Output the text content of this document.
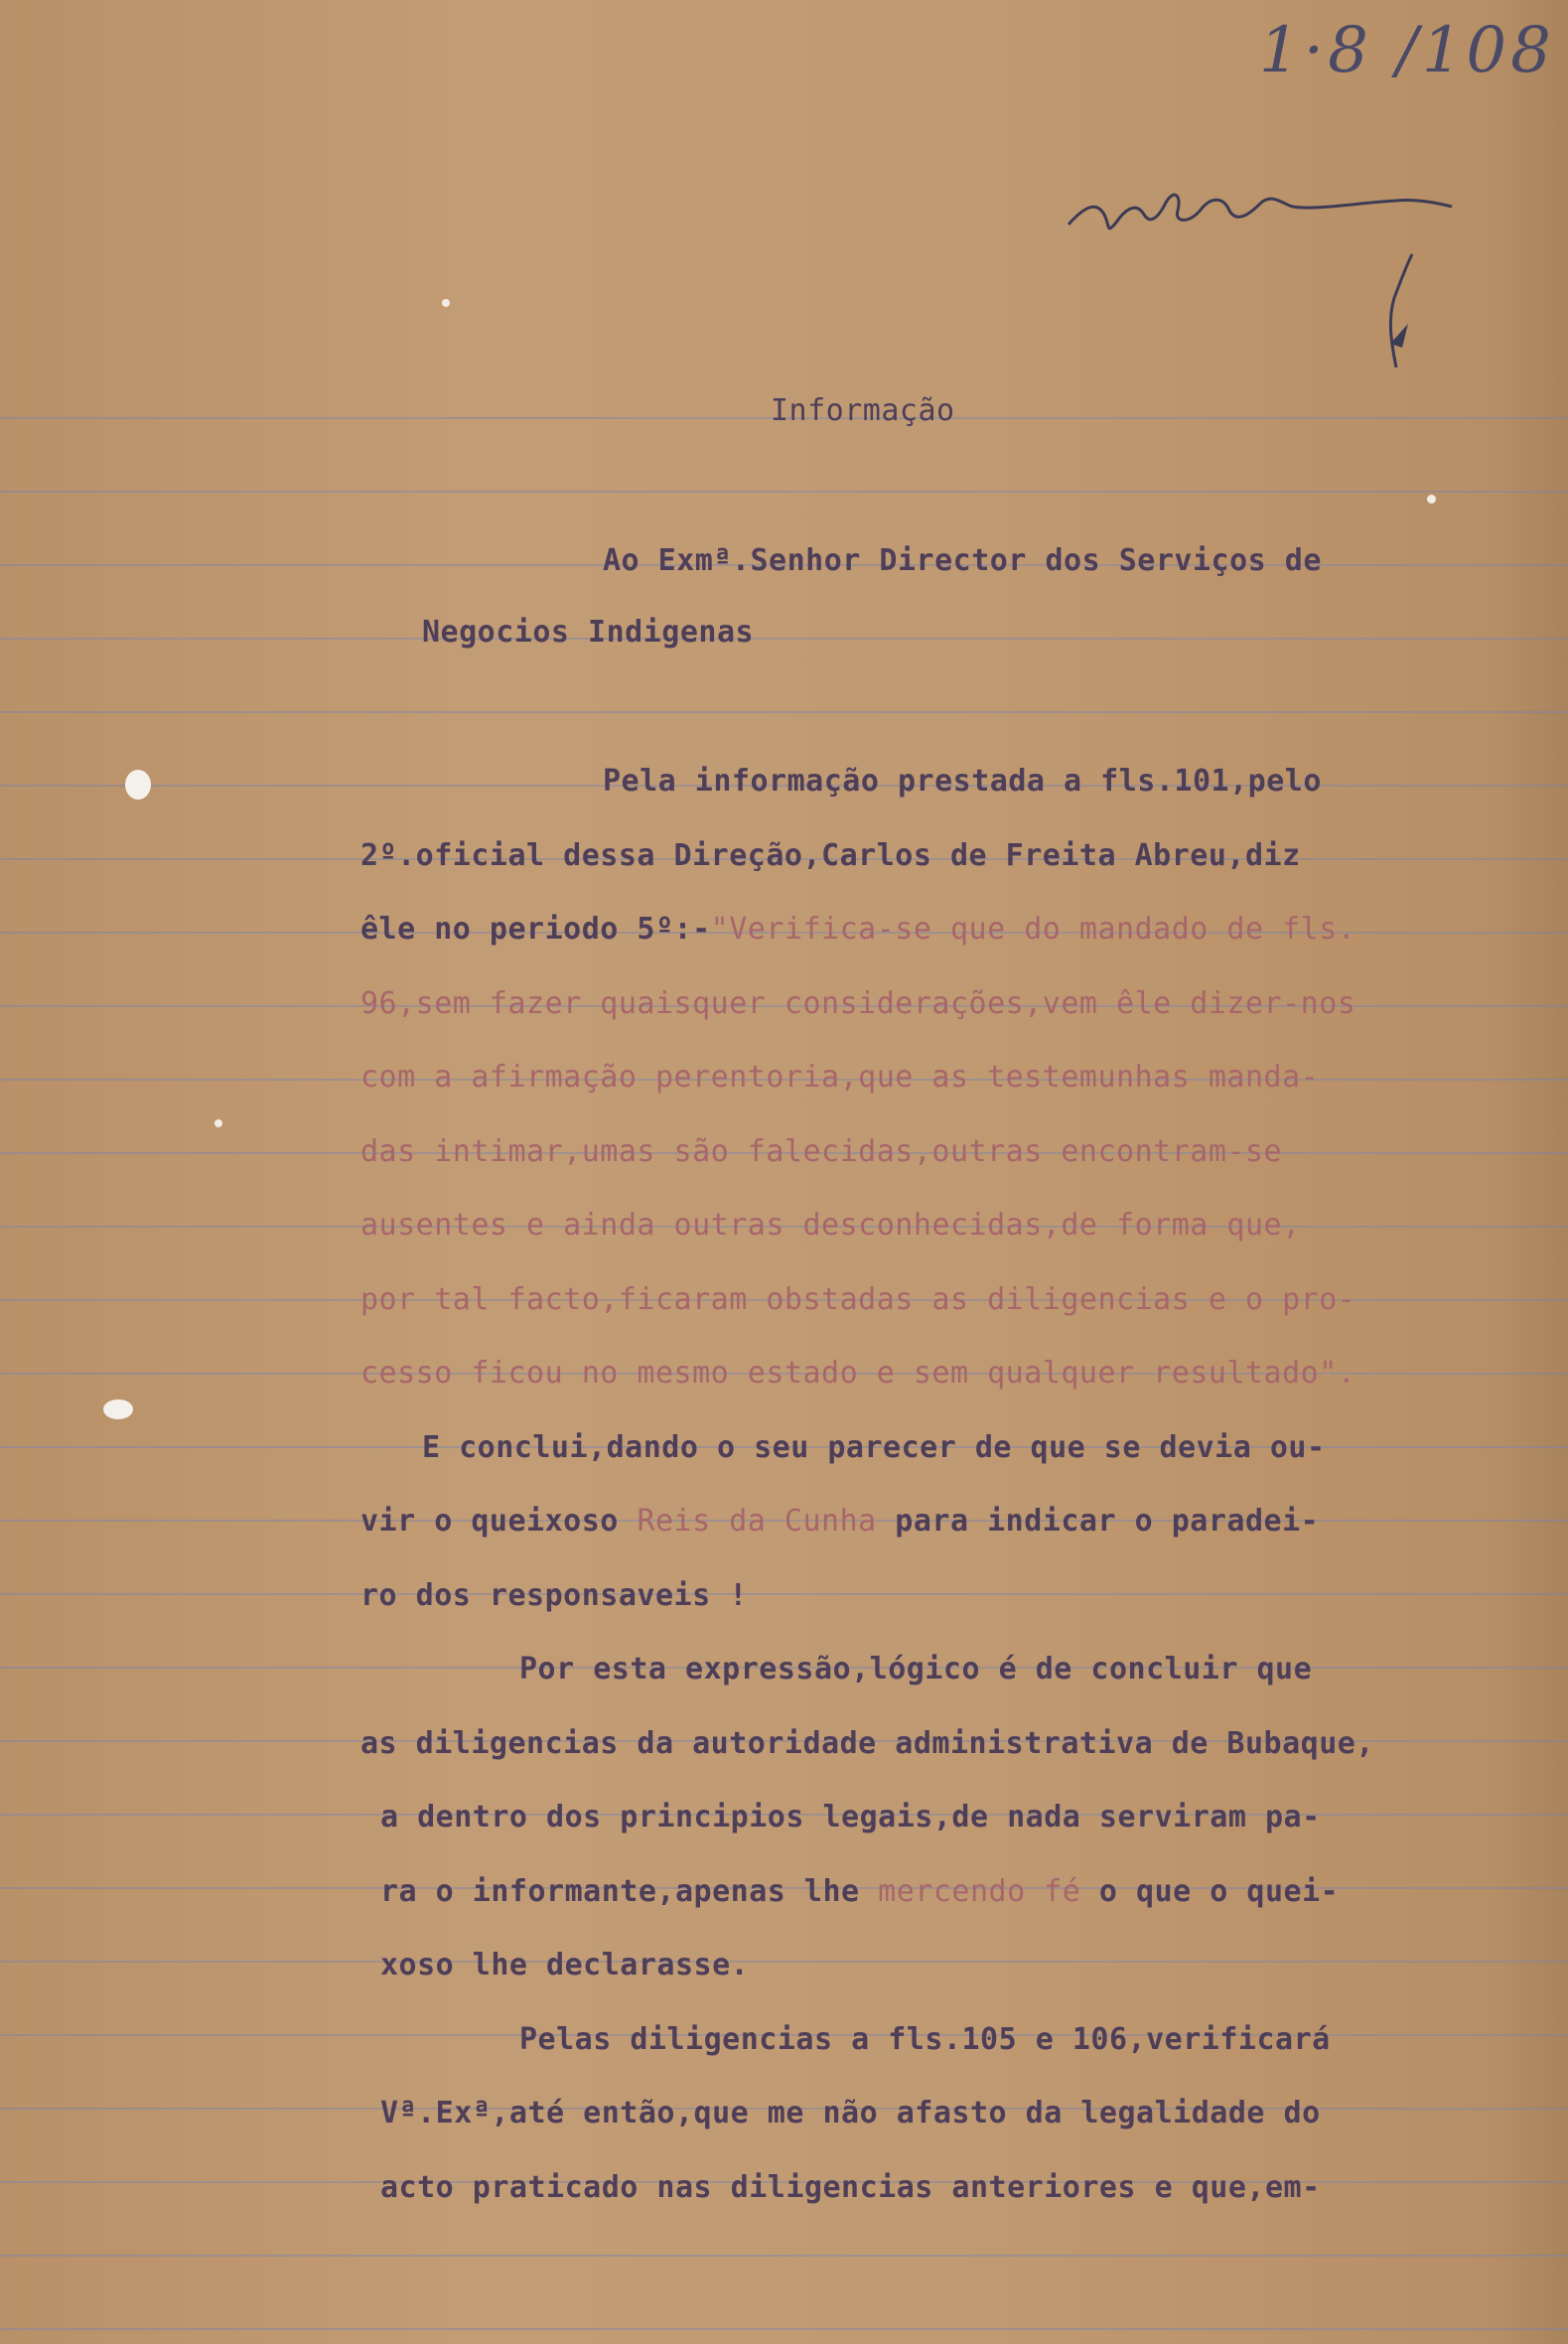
1·8 /108
Informação
Ao Exmª.Senhor Director dos Serviços de
Negocios Indigenas
Pela informação prestada a fls.101,pelo
2º.oficial dessa Direção,Carlos de Freita Abreu,diz
êle no periodo 5º:-"Verifica-se que do mandado de fls.
96,sem fazer quaisquer considerações,vem êle dizer-nos
com a afirmação perentoria,que as testemunhas manda-
das intimar,umas são falecidas,outras encontram-se
ausentes e ainda outras desconhecidas,de forma que,
por tal facto,ficaram obstadas as diligencias e o pro-
cesso ficou no mesmo estado e sem qualquer resultado".
E conclui,dando o seu parecer de que se devia ou-
vir o queixoso Reis da Cunha para indicar o paradei-
ro dos responsaveis !
Por esta expressão,lógico é de concluir que
as diligencias da autoridade administrativa de Bubaque,
a dentro dos principios legais,de nada serviram pa-
ra o informante,apenas lhe mercendo fé o que o quei-
xoso lhe declarasse.
Pelas diligencias a fls.105 e 106,verificará
Vª.Exª,até então,que me não afasto da legalidade do
acto praticado nas diligencias anteriores e que,em-
